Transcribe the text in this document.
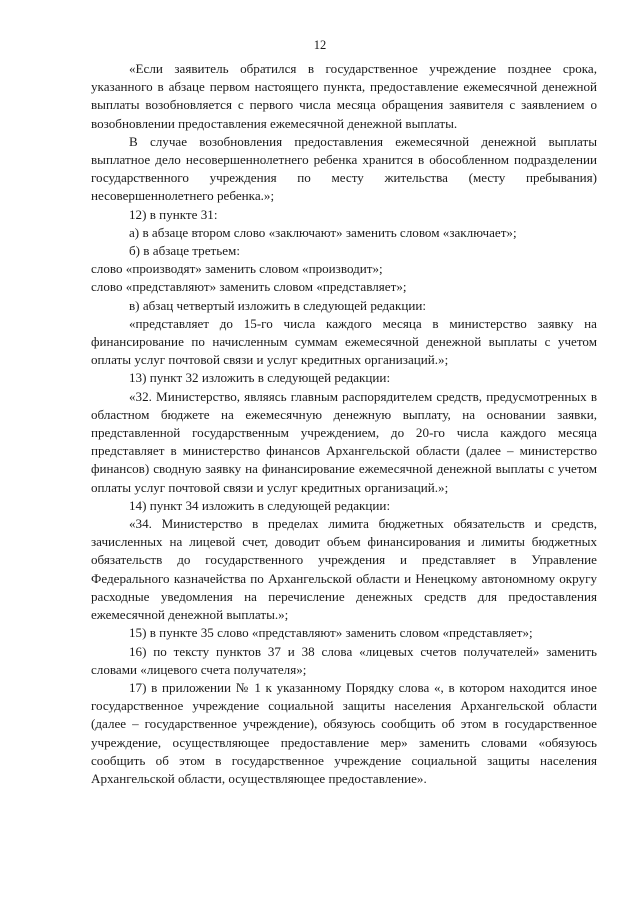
12

«Если заявитель обратился в государственное учреждение позднее срока, указанного в абзаце первом настоящего пункта, предоставление ежемесячной денежной выплаты возобновляется с первого числа месяца обращения заявителя с заявлением о возобновлении предоставления ежемесячной денежной выплаты.

В случае возобновления предоставления ежемесячной денежной выплаты выплатное дело несовершеннолетнего ребенка хранится в обособленном подразделении государственного учреждения по месту жительства (месту пребывания) несовершеннолетнего ребенка.»;

12) в пункте 31:

а) в абзаце втором слово «заключают» заменить словом «заключает»;

б) в абзаце третьем:

слово «производят» заменить словом «производит»;

слово «представляют» заменить словом «представляет»;

в) абзац четвертый изложить в следующей редакции:

«представляет до 15-го числа каждого месяца в министерство заявку на финансирование по начисленным суммам ежемесячной денежной выплаты с учетом оплаты услуг почтовой связи и услуг кредитных организаций.»;

13) пункт 32 изложить в следующей редакции:

«32. Министерство, являясь главным распорядителем средств, предусмотренных в областном бюджете на ежемесячную денежную выплату, на основании заявки, представленной государственным учреждением, до 20-го числа каждого месяца представляет в министерство финансов Архангельской области (далее – министерство финансов) сводную заявку на финансирование ежемесячной денежной выплаты с учетом оплаты услуг почтовой связи и услуг кредитных организаций.»;

14) пункт 34 изложить в следующей редакции:

«34. Министерство в пределах лимита бюджетных обязательств и средств, зачисленных на лицевой счет, доводит объем финансирования и лимиты бюджетных обязательств до государственного учреждения и представляет в Управление Федерального казначейства по Архангельской области и Ненецкому автономному округу расходные уведомления на перечисление денежных средств для предоставления ежемесячной денежной выплаты.»;

15) в пункте 35 слово «представляют» заменить словом «представляет»;

16) по тексту пунктов 37 и 38 слова «лицевых счетов получателей» заменить словами «лицевого счета получателя»;

17) в приложении № 1 к указанному Порядку слова «, в котором находится иное государственное учреждение социальной защиты населения Архангельской области (далее – государственное учреждение), обязуюсь сообщить об этом в государственное учреждение, осуществляющее предоставление мер» заменить словами «обязуюсь сообщить об этом в государственное учреждение социальной защиты населения Архангельской области, осуществляющее предоставление».
